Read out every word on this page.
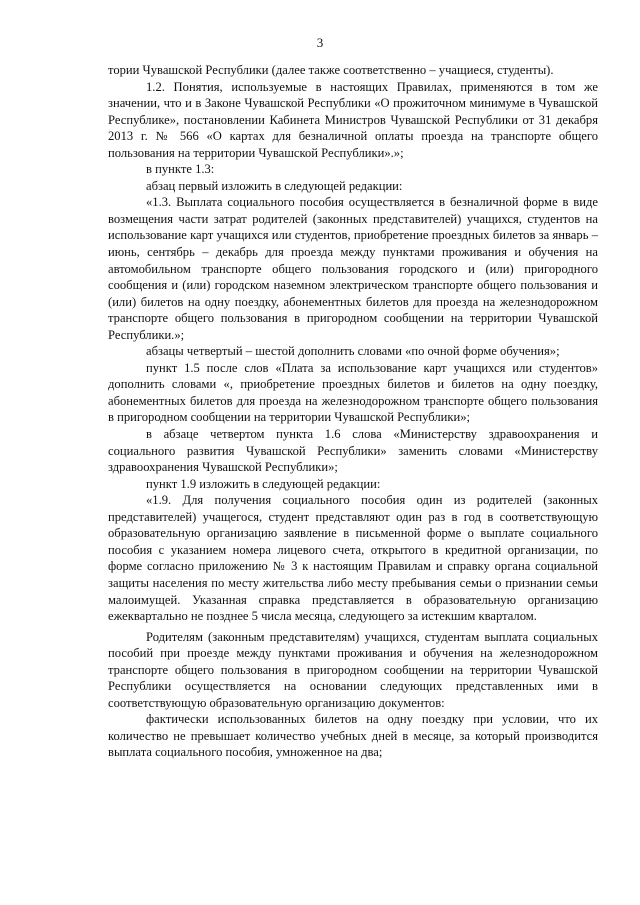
3

тории Чувашской Республики (далее также соответственно – учащиеся, студенты).

1.2. Понятия, используемые в настоящих Правилах, применяются в том же значении, что и в Законе Чувашской Республики «О прожиточном минимуме в Чувашской Республике», постановлении Кабинета Министров Чувашской Республики от 31 декабря 2013 г. № 566 «О картах для безналичной оплаты проезда на транспорте общего пользования на территории Чувашской Республики».»;

в пункте 1.3:

абзац первый изложить в следующей редакции:

«1.3. Выплата социального пособия осуществляется в безналичной форме в виде возмещения части затрат родителей (законных представителей) учащихся, студентов на использование карт учащихся или студентов, приобретение проездных билетов за январь – июнь, сентябрь – декабрь для проезда между пунктами проживания и обучения на автомобильном транспорте общего пользования городского и (или) пригородного сообщения и (или) городском наземном электрическом транспорте общего пользования и (или) билетов на одну поездку, абонементных билетов для проезда на железнодорожном транспорте общего пользования в пригородном сообщении на территории Чувашской Республики.»;

абзацы четвертый – шестой дополнить словами «по очной форме обучения»;

пункт 1.5 после слов «Плата за использование карт учащихся или студентов» дополнить словами «, приобретение проездных билетов и билетов на одну поездку, абонементных билетов для проезда на железнодорожном транспорте общего пользования в пригородном сообщении на территории Чувашской Республики»;

в абзаце четвертом пункта 1.6 слова «Министерству здравоохранения и социального развития Чувашской Республики» заменить словами «Министерству здравоохранения Чувашской Республики»;

пункт 1.9 изложить в следующей редакции:

«1.9. Для получения социального пособия один из родителей (законных представителей) учащегося, студент представляют один раз в год в соответствующую образовательную организацию заявление в письменной форме о выплате социального пособия с указанием номера лицевого счета, открытого в кредитной организации, по форме согласно приложению № 3 к настоящим Правилам и справку органа социальной защиты населения по месту жительства либо месту пребывания семьи о признании семьи малоимущей. Указанная справка представляется в образовательную организацию ежеквартально не позднее 5 числа месяца, следующего за истекшим кварталом.

Родителям (законным представителям) учащихся, студентам выплата социальных пособий при проезде между пунктами проживания и обучения на железнодорожном транспорте общего пользования в пригородном сообщении на территории Чувашской Республики осуществляется на основании следующих представленных ими в соответствующую образовательную организацию документов:

фактически использованных билетов на одну поездку при условии, что их количество не превышает количество учебных дней в месяце, за который производится выплата социального пособия, умноженное на два;
